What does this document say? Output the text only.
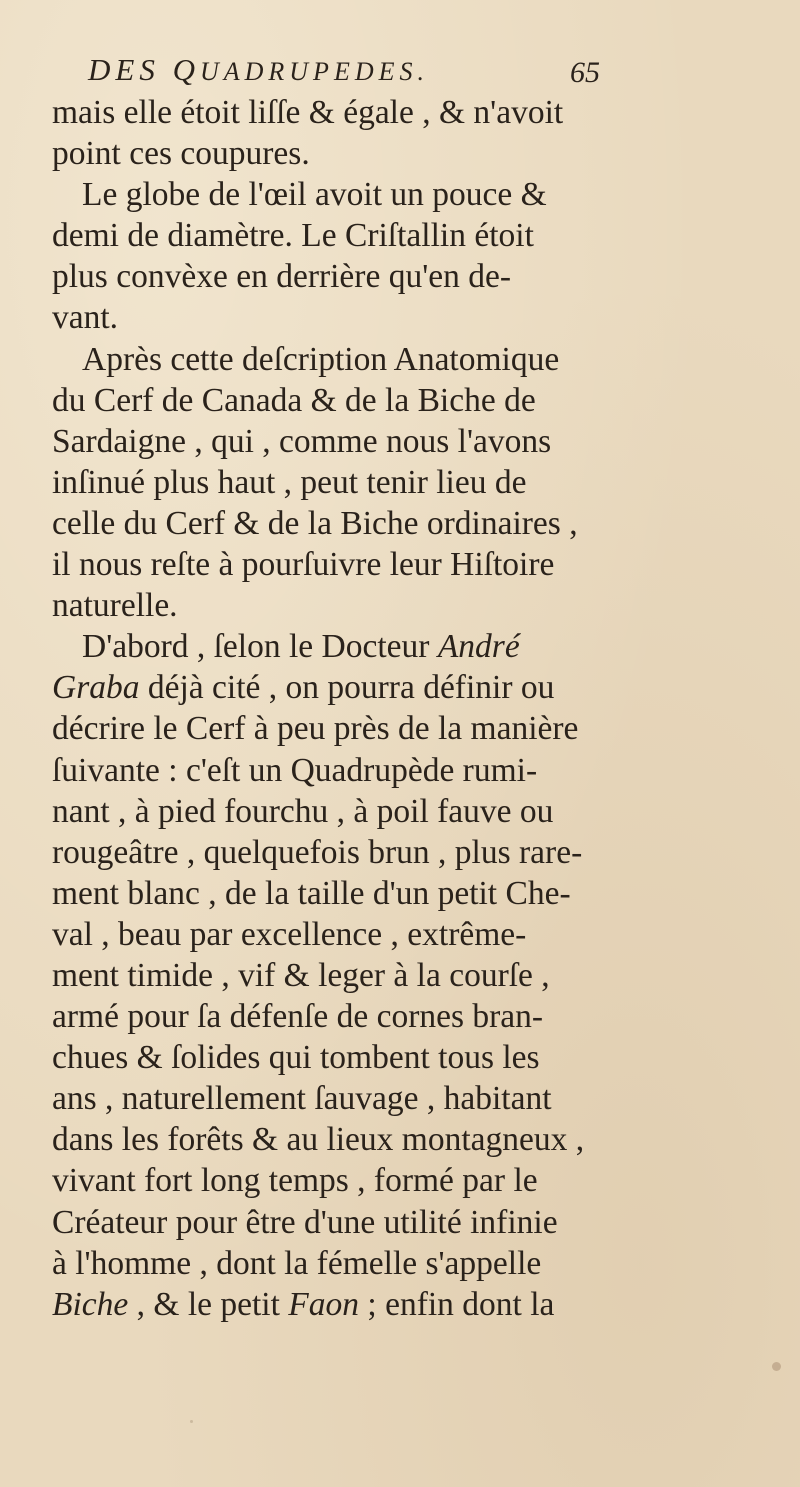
DES QUADRUPEDES.	65
mais elle étoit liſſe & égale , & n'avoit
point ces coupures.
Le globe de l'œil avoit un pouce &
demi de diamètre. Le Criſtallin étoit
plus convèxe en derrière qu'en de-
vant.
Après cette deſcription Anatomique
du Cerf de Canada & de la Biche de
Sardaigne , qui , comme nous l'avons
inſinué plus haut , peut tenir lieu de
celle du Cerf & de la Biche ordinaires ,
il nous reſte à pourſuivre leur Hiſtoire
naturelle.
D'abord , ſelon le Docteur André
Graba déjà cité , on pourra définir ou
décrire le Cerf à peu près de la manière
ſuivante : c'eſt un Quadrupède rumi-
nant , à pied fourchu , à poil fauve ou
rougeâtre , quelquefois brun , plus rare-
ment blanc , de la taille d'un petit Che-
val , beau par excellence , extrême-
ment timide , vif & leger à la courſe ,
armé pour ſa défenſe de cornes bran-
chues & ſolides qui tombent tous les
ans , naturellement ſauvage , habitant
dans les forêts & au lieux montagneux ,
vivant fort long temps , formé par le
Créateur pour être d'une utilité infinie
à l'homme , dont la fémelle s'appelle
Biche , & le petit Faon ; enfin dont la
